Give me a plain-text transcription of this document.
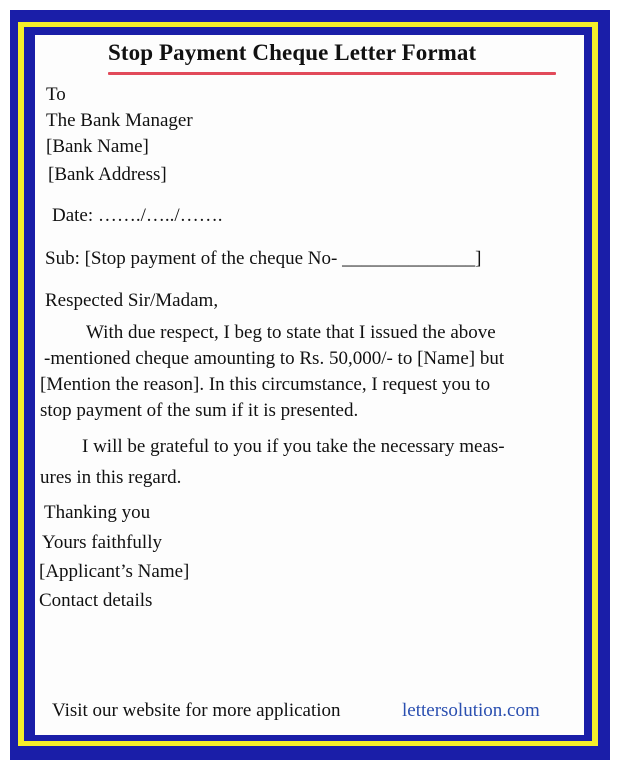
Stop Payment Cheque Letter Format
To
The Bank Manager
[Bank Name]
[Bank Address]
Date: ……./…../…….
Sub: [Stop payment of the cheque No- ______________]
Respected Sir/Madam,
With due respect, I beg to state that I issued the above
-mentioned cheque amounting to Rs. 50,000/- to [Name] but
[Mention the reason]. In this circumstance, I request you to
stop payment of the sum if it is presented.
I will be grateful to you if you take the necessary meas-
ures in this regard.
Thanking you
Yours faithfully
[Applicant’s Name]
Contact details
Visit our website for more application	lettersolution.com
